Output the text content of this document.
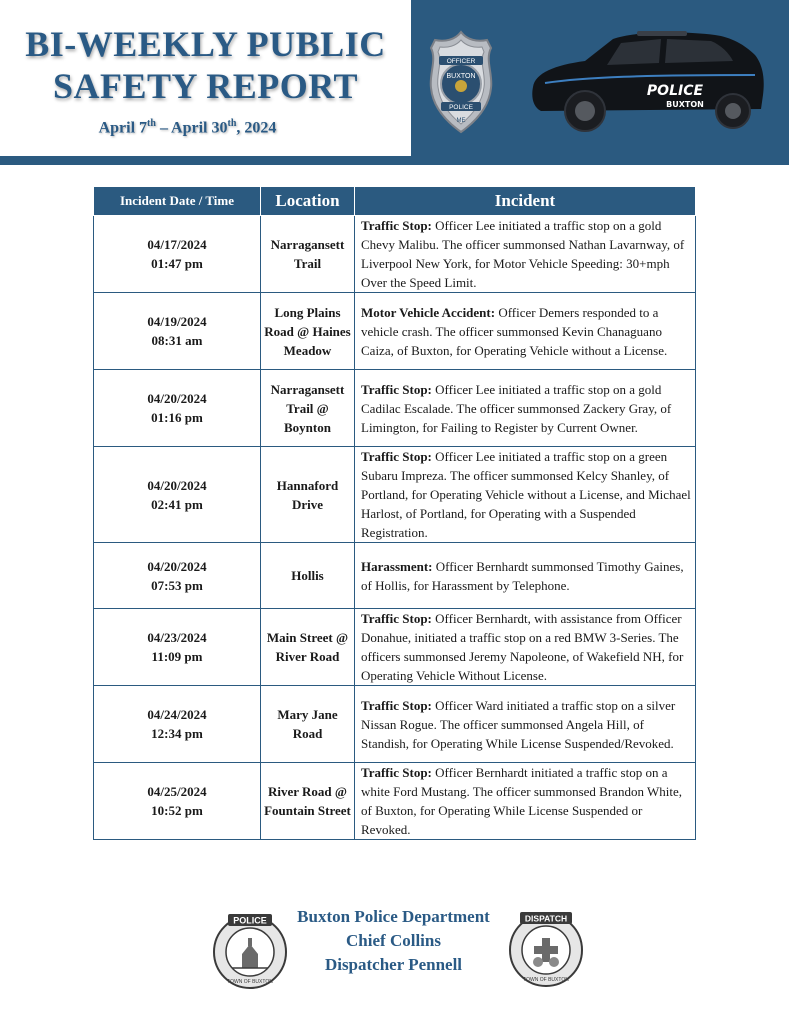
BI-WEEKLY PUBLIC
SAFETY REPORT
April 7th – April 30th, 2024
OFFICER
BUXTON
POLICE
ME
POLICE
BUXTON
Incident Date / Time	Location	Incident

04/17/2024
01:47 pm	Narragansett Trail	Traffic Stop: Officer Lee initiated a traffic stop on a gold Chevy Malibu. The officer summonsed Nathan Lavarnway, of Liverpool New York, for Motor Vehicle Speeding: 30+mph Over the Speed Limit.

04/19/2024
08:31 am	Long Plains Road @ Haines Meadow	Motor Vehicle Accident: Officer Demers responded to a vehicle crash. The officer summonsed Kevin Chanaguano Caiza, of Buxton, for Operating Vehicle without a License.

04/20/2024
01:16 pm	Narragansett Trail @ Boynton	Traffic Stop: Officer Lee initiated a traffic stop on a gold Cadilac Escalade. The officer summonsed Zackery Gray, of Limington, for Failing to Register by Current Owner.

04/20/2024
02:41 pm	Hannaford Drive	Traffic Stop: Officer Lee initiated a traffic stop on a green Subaru Impreza. The officer summonsed Kelcy Shanley, of Portland, for Operating Vehicle without a License, and Michael Harlost, of Portland, for Operating with a Suspended Registration.

04/20/2024
07:53 pm	Hollis	Harassment: Officer Bernhardt summonsed Timothy Gaines, of Hollis, for Harassment by Telephone.

04/23/2024
11:09 pm	Main Street @ River Road	Traffic Stop: Officer Bernhardt, with assistance from Officer Donahue, initiated a traffic stop on a red BMW 3-Series. The officers summonsed Jeremy Napoleone, of Wakefield NH, for Operating Vehicle Without License.

04/24/2024
12:34 pm	Mary Jane Road	Traffic Stop: Officer Ward initiated a traffic stop on a silver Nissan Rogue. The officer summonsed Angela Hill, of Standish, for Operating While License Suspended/Revoked.

04/25/2024
10:52 pm	River Road @ Fountain Street	Traffic Stop: Officer Bernhardt initiated a traffic stop on a white Ford Mustang. The officer summonsed Brandon White, of Buxton, for Operating While License Suspended or Revoked.
POLICE
TOWN OF BUXTON
Buxton Police Department
Chief Collins
Dispatcher Pennell
DISPATCH
TOWN OF BUXTON
